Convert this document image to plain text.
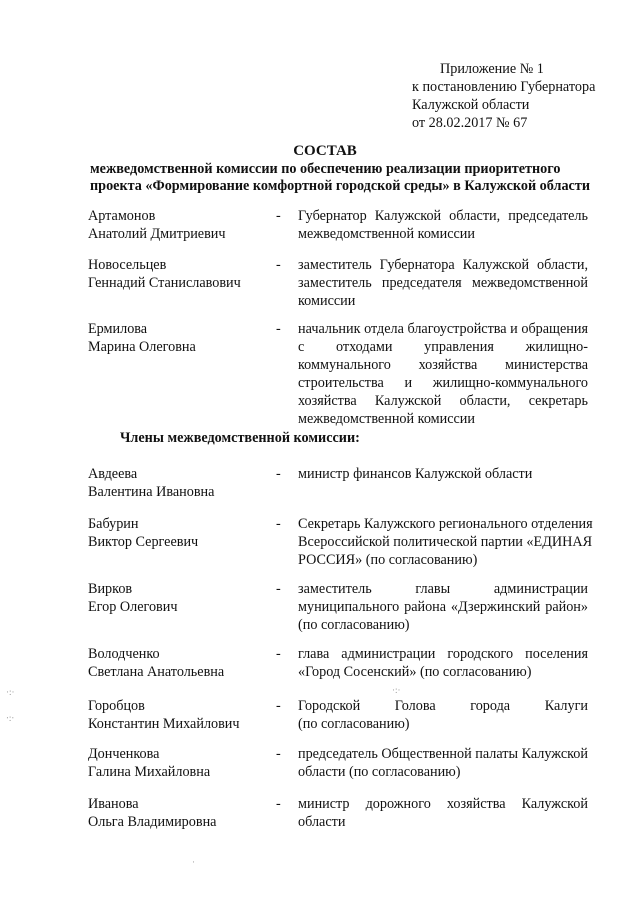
Приложение № 1
к постановлению Губернатора
Калужской области
от 28.02.2017 № 67
СОСТАВ
межведомственной комиссии по обеспечению реализации приоритетного
проекта «Формирование комфортной городской среды» в Калужской области
Артамонов
Анатолий Дмитриевич
- Губернатор Калужской области, председатель
межведомственной комиссии
Новосельцев
Геннадий Станиславович
- заместитель Губернатора Калужской области,
заместитель председателя межведомственной
комиссии
Ермилова
Марина Олеговна
- начальник отдела благоустройства и обращения
с отходами управления жилищно-
коммунального хозяйства министерства
строительства и жилищно-коммунального
хозяйства Калужской области, секретарь
межведомственной комиссии
Члены межведомственной комиссии:
Авдеева
Валентина Ивановна
- министр финансов Калужской области
Бабурин
Виктор Сергеевич
- Секретарь Калужского регионального отделения
Всероссийской политической партии «ЕДИНАЯ
РОССИЯ» (по согласованию)
Вирков
Егор Олегович
- заместитель главы администрации
муниципального района «Дзержинский район»
(по согласованию)
Володченко
Светлана Анатольевна
- глава администрации городского поселения
«Город Сосенский» (по согласованию)
Горобцов
Константин Михайлович
- Городской Голова города Калуги
(по согласованию)
Донченкова
Галина Михайловна
- председатель Общественной палаты Калужской
области (по согласованию)
Иванова
Ольга Владимировна
- министр дорожного хозяйства Калужской
области
·:·
‧:‧
·:·
·
